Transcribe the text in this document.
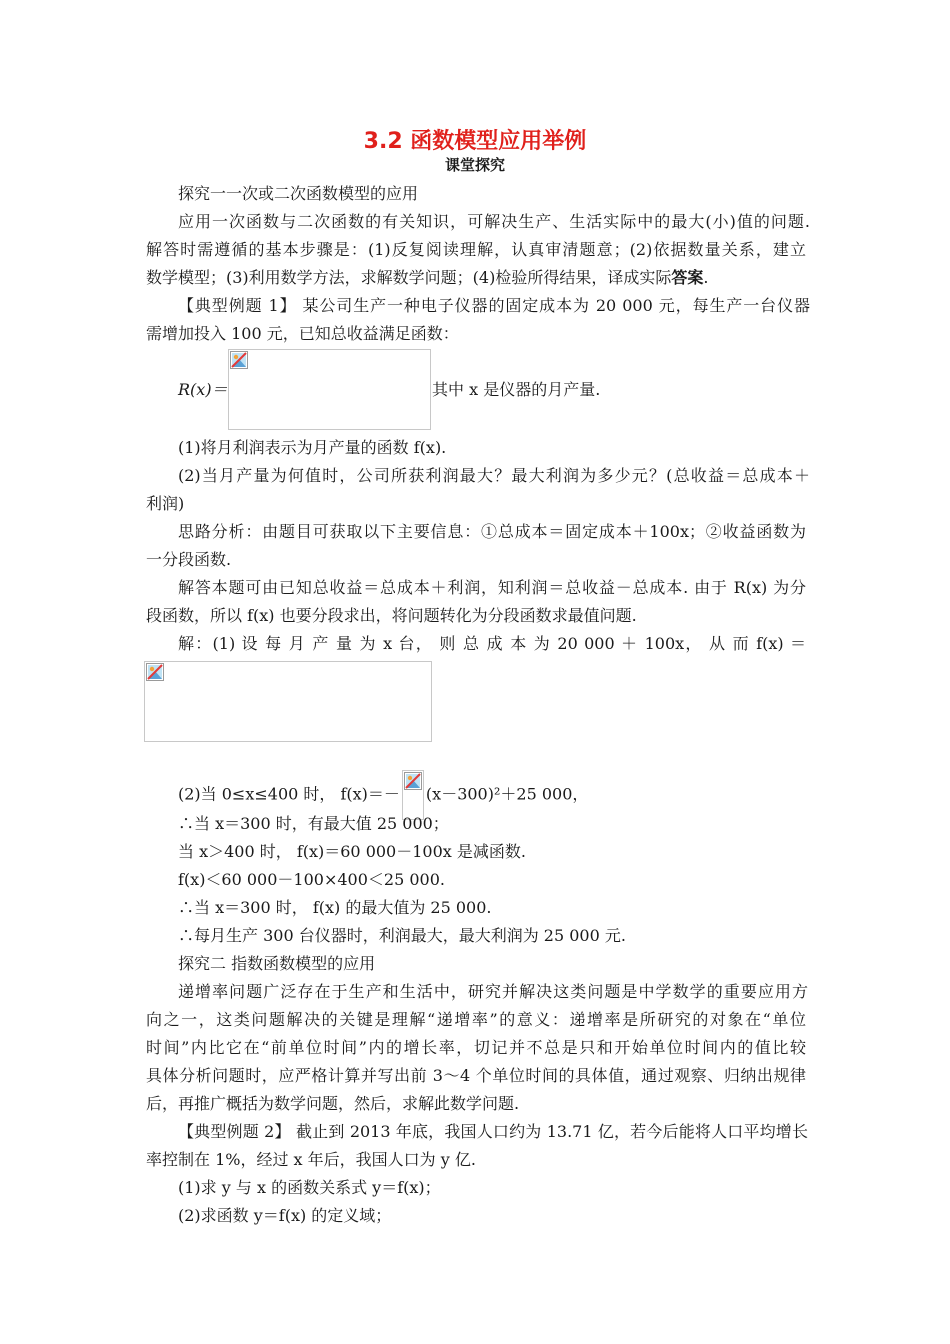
3.2 函数模型应用举例
课堂探究
探究一一次或二次函数模型的应用
应用一次函数与二次函数的有关知识，可解决生产、生活实际中的最大(小)值的问题.
解答时需遵循的基本步骤是：(1)反复阅读理解，认真审清题意；(2)依据数量关系，建立
数学模型；(3)利用数学方法，求解数学问题；(4)检验所得结果，译成实际答案.
【典型例题 1】 某公司生产一种电子仪器的固定成本为 20 000 元，每生产一台仪器
需增加投入 100 元，已知总收益满足函数：
R(x)＝	其中 x 是仪器的月产量.
(1)将月利润表示为月产量的函数 f(x).
(2)当月产量为何值时，公司所获利润最大？最大利润为多少元？(总收益＝总成本＋
利润)
思路分析：由题目可获取以下主要信息：①总成本＝固定成本＋100x；②收益函数为
一分段函数.
解答本题可由已知总收益＝总成本＋利润，知利润＝总收益－总成本. 由于 R(x) 为分
段函数，所以 f(x) 也要分段求出，将问题转化为分段函数求最值问题.
解：(1) 设 每 月 产 量 为 x 台， 则 总 成 本 为 20 000 ＋ 100x， 从 而 f(x) ＝
(2)当 0≤x≤400 时， f(x)＝－ (x－300)²＋25 000，
∴当 x＝300 时，有最大值 25 000；
当 x＞400 时， f(x)＝60 000－100x 是减函数.
f(x)＜60 000－100×400＜25 000.
∴当 x＝300 时， f(x) 的最大值为 25 000.
∴每月生产 300 台仪器时，利润最大，最大利润为 25 000 元.
探究二 指数函数模型的应用
递增率问题广泛存在于生产和生活中，研究并解决这类问题是中学数学的重要应用方
向之一，这类问题解决的关键是理解“递增率”的意义：递增率是所研究的对象在“单位
时间”内比它在“前单位时间”内的增长率，切记并不总是只和开始单位时间内的值比较
具体分析问题时，应严格计算并写出前 3～4 个单位时间的具体值，通过观察、归纳出规律
后，再推广概括为数学问题，然后，求解此数学问题.
【典型例题 2】 截止到 2013 年底，我国人口约为 13.71 亿，若今后能将人口平均增长
率控制在 1%，经过 x 年后，我国人口为 y 亿.
(1)求 y 与 x 的函数关系式 y＝f(x)；
(2)求函数 y＝f(x) 的定义域；
